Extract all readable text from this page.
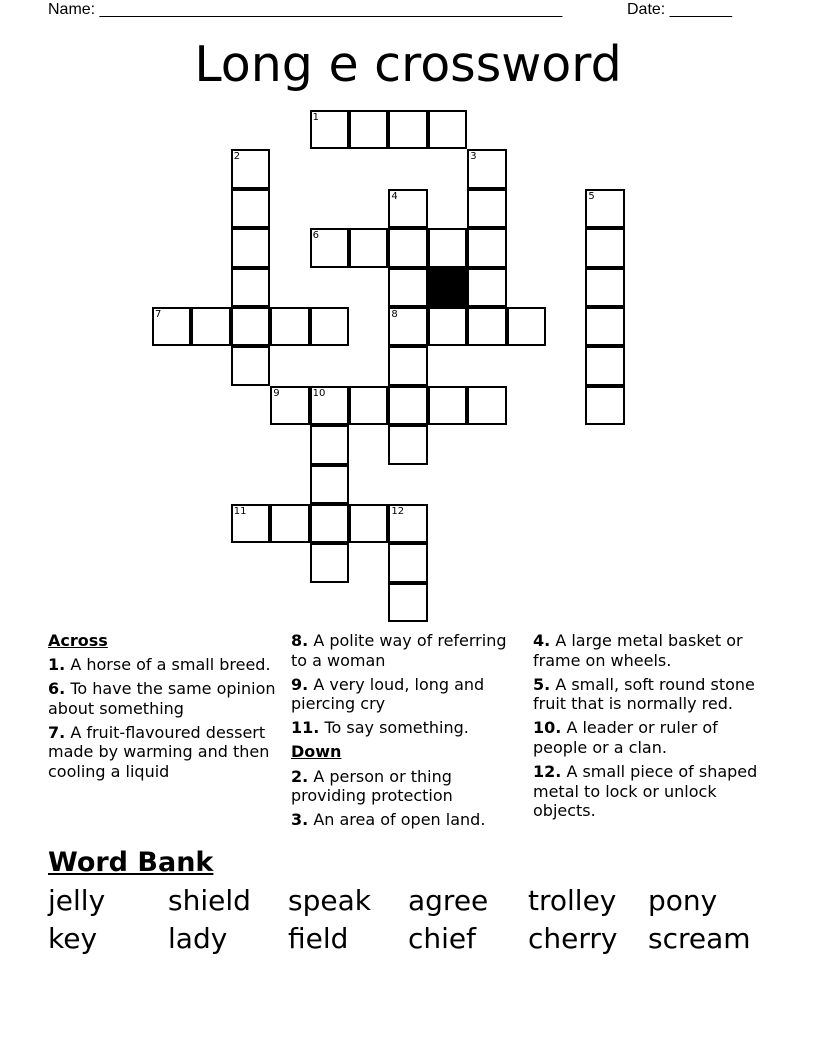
Name: ____________________________________________________	Date: _______
Long e crossword
1
2	3
4
8
5
6
7
9	10
11	12

Across

1. A horse of a small breed.

6. To have the same opinion about something

7. A fruit-flavoured dessert made by warming and then cooling a liquid

8. A polite way of referring to a woman

9. A very loud, long and piercing cry

11. To say something.

Down

2. A person or thing providing protection

3. An area of open land.

4. A large metal basket or frame on wheels.

5. A small, soft round stone fruit that is normally red.

10. A leader or ruler of people or a clan.

12. A small piece of shaped metal to lock or unlock objects.

Word Bank
jelly shield speak agree trolley pony
key	lady field chief cherry scream
